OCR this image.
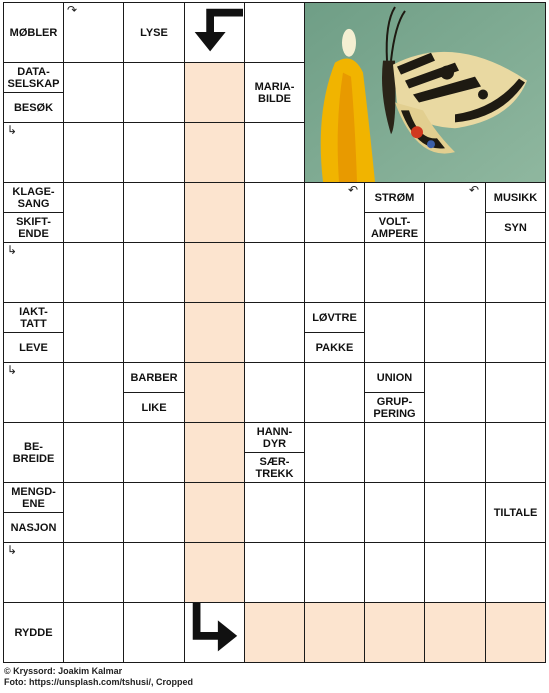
MØBLER	LYSE
DATA-
SELSKAP
BESØK
MARIA-
BILDE
KLAGE-
SANG
SKIFT-
ENDE
STRØM
VOLT-
AMPERE
MUSIKK
SYN
IAKT-
TATT
LEVE
LØVTRE
PAKKE
BARBER
LIKE
UNION
GRUP-
PERING
BE-
BREIDE
HANN-
DYR
SÆR-
TREKK
MENGD-
ENE
NASJON
TILTALE
RYDDE
↷
↳
↳
↳
↳
↶	↶
© Kryssord: Joakim Kalmar
Foto: https://unsplash.com/tshusi/, Cropped
